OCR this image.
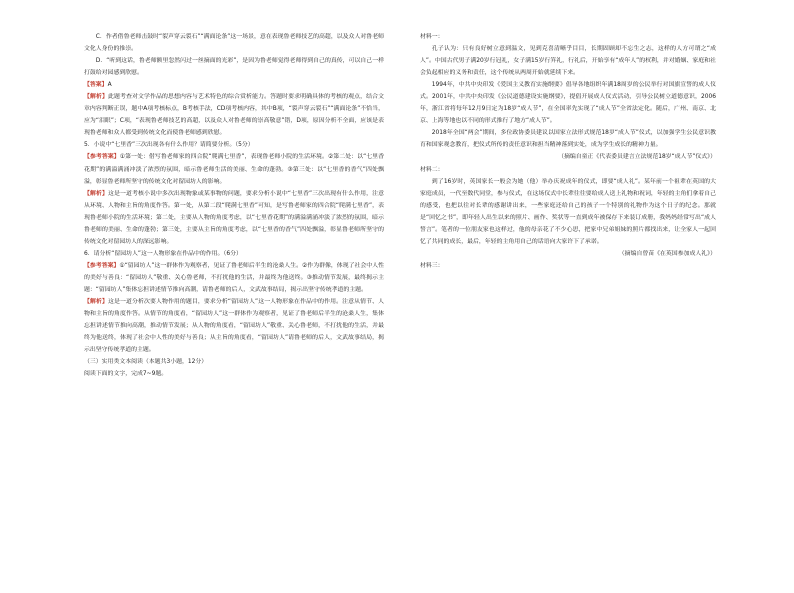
C．作者借鲁老师击鼓时“裂声穿云裂石”“满面论条”这一场景，意在表现鲁老师技艺的高超，以及众人对鲁老师文化人身份的推崇。

D．“听到这话，鲁老师额里忽然闪过一丝摘面的光彩”，是因为鲁老师觉得老师得到自己的真传，可以自己一样打鼓给对园感到欣慰。

【答案】A

【解析】此题考查对文学作品的思想内容与艺术特色的综合赏析能力。答题时要求明确具体的考核的观点，结合文章内容判断正误，题中A项考核标点，B考核手法，CD项考核内容，其中B项，“裂声穿云裂石”“满面论条”不恰当，应为“泪眼”；C项，“表现鲁老师技艺的高超，以及众人对鲁老师的崇高敬意”错，D项，原因分析不全面，应该是表现鲁老师和众人都受到传统文化而使鲁老师感到欣慰。

5．小说中“七里香”三次出现各有什么作用？请简要分析。（5分）

【参考答案】①第一处：借写鲁老师家的四合院“爬满七里香”，表现鲁老师小院的生活环境。②第二处：以“七里香花期”的满溢满涌冲淡了浓烈的氛围，暗示鲁老师生活的美丽、生命的蓬勃。③第三处：以“七里香的香气”四处飘溢，彰显鲁老师所坚守的传统文化对留园坊人的影响。

【解析】这是一道考核小说中多次出现物象或某事物的问题，要求分析小说中“七里香”三次出现有什么作用，注意从环境、人物和主旨的角度作答。第一处，从第二段“爬满七里香”可知，是写鲁老师家的四合院“爬满七里香”，表现鲁老师小院的生活环境；第二处，主要从人物的角度考虑，以“七里香花期”的满溢满涌冲淡了浓烈的氛围，暗示鲁老师的美丽、生命的蓬勃；第三处，主要从主旨的角度考虑，以“七里香的香气”四处飘溢，彰显鲁老师所坚守的传统文化对留园坊人的深远影响。

6．请分析“留园坊人”这一人物形象在作品中的作用。（6分）

【参考答案】①“留园坊人”这一群体作为观察者，见证了鲁老师后半生的沧桑人生。②作为群像，体现了社会中人性的美好与善良：“留园坊人”敬重、关心鲁老师，不打扰他的生活，并最终为他送终。③推动情节发展，最终揭示主题：“留园坊人”集体忘担讲述情节推向高潮，请鲁老师的后人，文武故事结局，揭示出坚守传统孝道的主题。

【解析】这是一道分析次要人物作用的题目，要求分析“留园坊人”这一人物形象在作品中的作用。注意从情节、人物和主旨的角度作答。从情节的角度看，“留园坊人”这一群体作为观察者，见证了鲁老师后半生的沧桑人生，集体忘担讲述情节推向高潮，推动情节发展；从人物的角度看，“留园坊人”敬重、关心鲁老师，不打扰他的生活，并最终为他送终，体现了社会中人性的美好与善良；从主旨的角度看，“留园坊人”请鲁老师的后人，文武故事结局，揭示出坚守传统孝道的主题。

（三）实用类文本阅读（本题共3小题，12分）

阅读下面的文字，完成7~9题。

材料一：

孔子认为：只有良好树立意到温文，见到克喜清晰乎目目，长期固顾却不忘生之志，这样的人方可谓之“成人”。中国古代男子满20岁行冠礼，女子满15岁行笄礼，行礼后，开始享有“成年人”的权利，并对婚姻、家庭和社会负起相应的义务和责任，这个传统从两周开始就延续下来。

1994年，中共中央印发《爱国主义教育实施纲要》倡导各地组织年满18周岁的公民举行对国旗宣誓的成人仪式。2001年，中共中央印发《公民道德建设实施纲要》，提倡开展成人仪式活动，引导公民树立道德意识，2006年，浙江省将每年12月9日定为18岁“成人节”，在全国率先实现了“成人节”全省法定化。随后，广州、南京、北京、上海等地也以不同的形式推行了地方“成人节”。

2018年全国“两会”期间，多位政协委员建议以国家立法形式规范18岁“成人节”仪式，以加强学生公民意识教育和国家观念教育，把仪式所传的责任意识和担当精神落到实处，成为学生成长的精神力量。

（摘编自童正《代表委员建言立法规范18岁“成人节”仪式》）

材料二：

到了16岁时，英国家长一般会为她（他）举办庆祝成年的仪式，即要“成人礼”。某年前一个祖辈在英国的大家庭成员，一代至数代同堂，参与仪式，在这场仪式中长辈往往要给成人送上礼物和祝词，年轻的主角们拿着自己的感受，也把以往对长辈的感谢讲出来，一些家庭还给自己的孩子一个特别的礼物作为这个日子的纪念。那就是“回忆之书”，即年轻人出生以来的照片、画作、奖状等一直到成年被保存下来装订成册，我妈妈经常写出“成人誓言”。笔者的一位朋友家也这样过，他的母亲花了不少心思，把家中兄弟姐妹的照片都找出来，让全家人一起回忆了共同的成长，最后，年轻的主角用自己的话语向大家许下了承诺。

（摘编自曾苗《在英国参加成人礼》）

材料三：
